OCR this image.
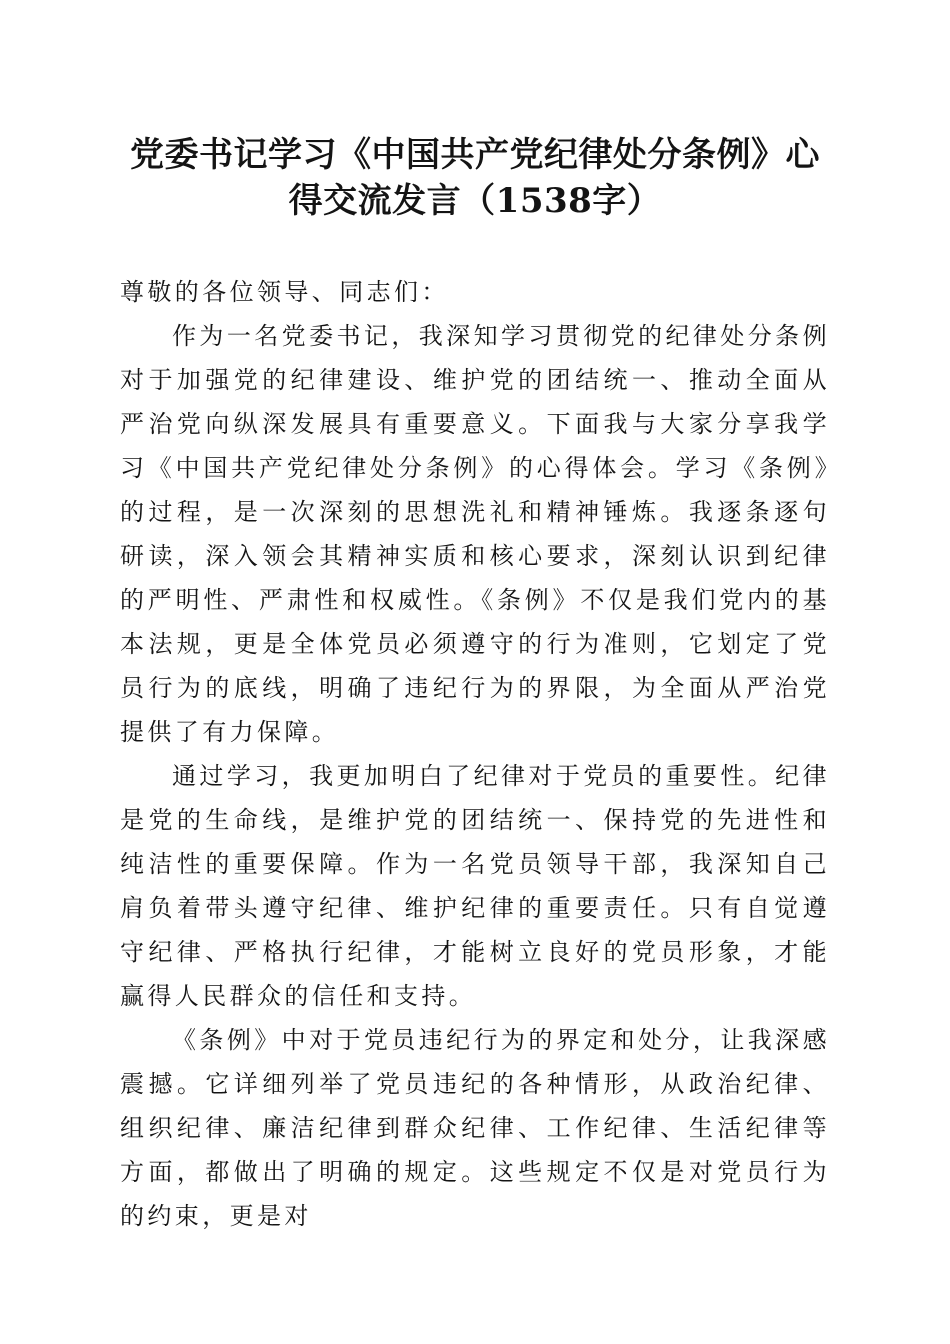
党委书记学习《中国共产党纪律处分条例》心
得交流发言（1538字）

尊敬的各位领导、同志们：

作为一名党委书记，我深知学习贯彻党的纪律处分条例对于加强党的纪律建设、维护党的团结统一、推动全面从严治党向纵深发展具有重要意义。下面我与大家分享我学习《中国共产党纪律处分条例》的心得体会。学习《条例》的过程，是一次深刻的思想洗礼和精神锤炼。我逐条逐句研读，深入领会其精神实质和核心要求，深刻认识到纪律的严明性、严肃性和权威性。《条例》不仅是我们党内的基本法规，更是全体党员必须遵守的行为准则，它划定了党员行为的底线，明确了违纪行为的界限，为全面从严治党提供了有力保障。

通过学习，我更加明白了纪律对于党员的重要性。纪律是党的生命线，是维护党的团结统一、保持党的先进性和纯洁性的重要保障。作为一名党员领导干部，我深知自己肩负着带头遵守纪律、维护纪律的重要责任。只有自觉遵守纪律、严格执行纪律，才能树立良好的党员形象，才能赢得人民群众的信任和支持。

《条例》中对于党员违纪行为的界定和处分，让我深感震撼。它详细列举了党员违纪的各种情形，从政治纪律、组织纪律、廉洁纪律到群众纪律、工作纪律、生活纪律等方面，都做出了明确的规定。这些规定不仅是对党员行为的约束，更是对
